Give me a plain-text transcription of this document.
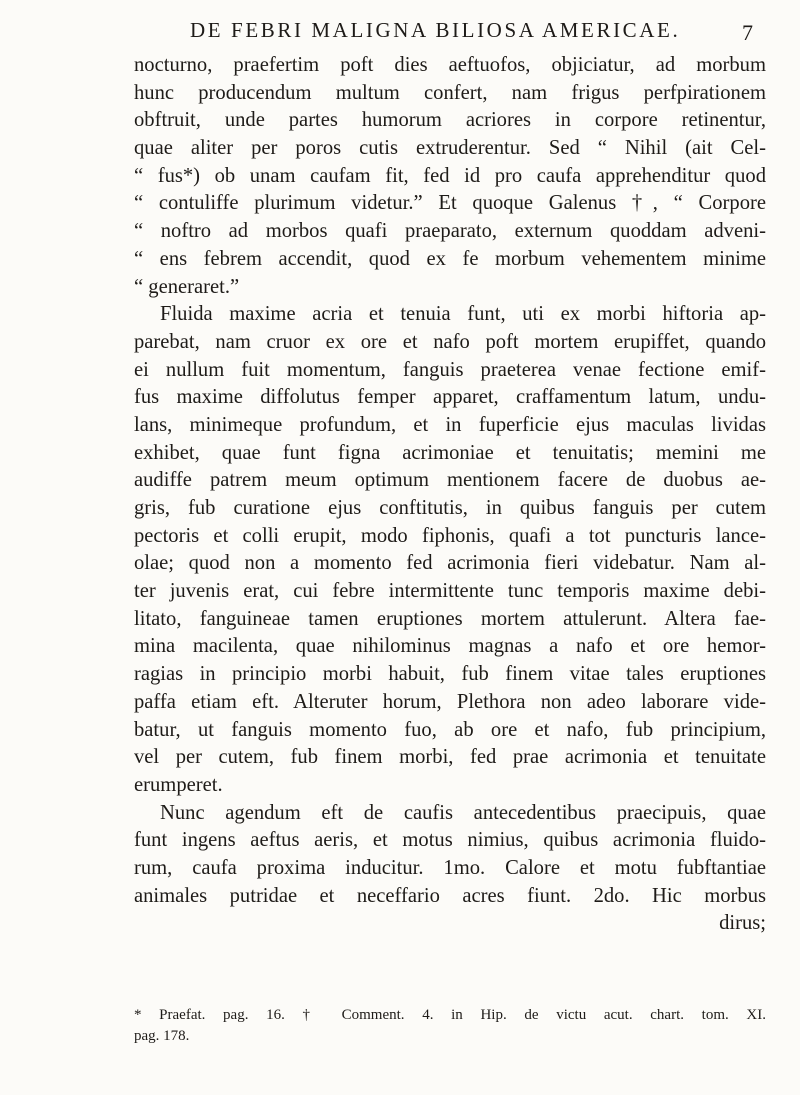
DE FEBRI MALIGNA BILIOSA AMERICAE.	7
nocturno, praefertim poft dies aeftuofos, objiciatur, ad morbum
hunc producendum multum confert, nam frigus perfpirationem
obftruit, unde partes humorum acriores in corpore retinentur,
quae aliter per poros cutis extruderentur. Sed “ Nihil (ait Cel-
“ fus*) ob unam caufam fit, fed id pro caufa apprehenditur quod
“ contuliffe plurimum videtur.” Et quoque Galenus †, “ Corpore
“ noftro ad morbos quafi praeparato, externum quoddam adveni-
“ ens febrem accendit, quod ex fe morbum vehementem minime
“ generaret.”
Fluida maxime acria et tenuia funt, uti ex morbi hiftoria ap-
parebat, nam cruor ex ore et nafo poft mortem erupiffet, quando
ei nullum fuit momentum, fanguis praeterea venae fectione emif-
fus maxime diffolutus femper apparet, craffamentum latum, undu-
lans, minimeque profundum, et in fuperficie ejus maculas lividas
exhibet, quae funt figna acrimoniae et tenuitatis; memini me
audiffe patrem meum optimum mentionem facere de duobus ae-
gris, fub curatione ejus conftitutis, in quibus fanguis per cutem
pectoris et colli erupit, modo fiphonis, quafi a tot puncturis lance-
olae; quod non a momento fed acrimonia fieri videbatur. Nam al-
ter juvenis erat, cui febre intermittente tunc temporis maxime debi-
litato, fanguineae tamen eruptiones mortem attulerunt. Altera fae-
mina macilenta, quae nihilominus magnas a nafo et ore hemor-
ragias in principio morbi habuit, fub finem vitae tales eruptiones
paffa etiam eft. Alteruter horum, Plethora non adeo laborare vide-
batur, ut fanguis momento fuo, ab ore et nafo, fub principium,
vel per cutem, fub finem morbi, fed prae acrimonia et tenuitate
erumperet.
Nunc agendum eft de caufis antecedentibus praecipuis, quae
funt ingens aeftus aeris, et motus nimius, quibus acrimonia fluido-
rum, caufa proxima inducitur. 1mo. Calore et motu fubftantiae
animales putridae et neceffario acres fiunt. 2do. Hic morbus
dirus;
* Praefat. pag. 16. † Comment. 4. in Hip. de victu acut. chart. tom. XI.
pag. 178.
